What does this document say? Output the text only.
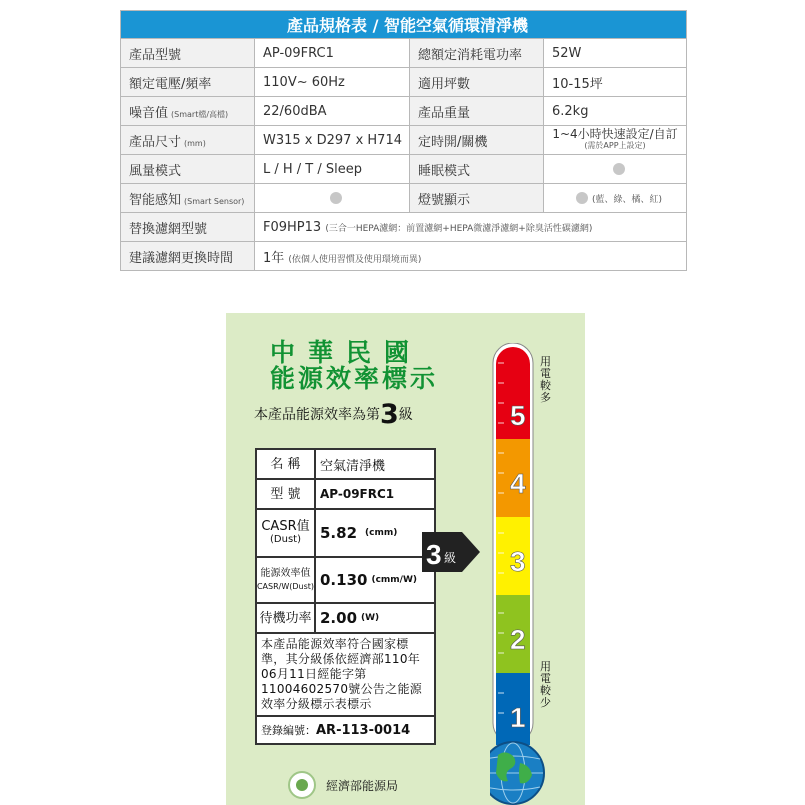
產品規格表 / 智能空氣循環清淨機			
產品型號	AP-09FRC1	總額定消耗電功率	52W
額定電壓/頻率	110V~ 60Hz	適用坪數	10-15坪
噪音值 (Smart檔/高檔)	22/60dBA	產品重量	6.2kg
產品尺寸 (mm)	W315 x D297 x H714	定時開/關機	1~4小時快速設定/自訂
(需於APP上設定)

風量模式	L / H / T / Sleep	睡眠模式	
智能感知 (Smart Sensor)		燈號顯示	(藍、綠、橘、紅)
替換濾網型號	F09HP13 (三合一HEPA濾網：前置濾網+HEPA微濾淨濾網+除臭活性碳濾網)		
建議濾網更換時間	1年 (依個人使用習慣及使用環境而異)		
中華民國
能源效率標示
本產品能源效率為第3級
名 稱	空氣清淨機
型 號	AP-09FRC1
CASR值
(Dust) 5.82 (cmm)
能源效率值
CASR/W(Dust) 0.130 (cmm/W)
待機功率 2.00 (W)
本產品能源效率符合國家標準，其分級係依經濟部110年06月11日經能字第11004602570號公告之能源效率分級標示表標示
登錄編號：AR-113-0014
3 級
5
4
3
2
1
用電較多
用電較少
經濟部能源局
